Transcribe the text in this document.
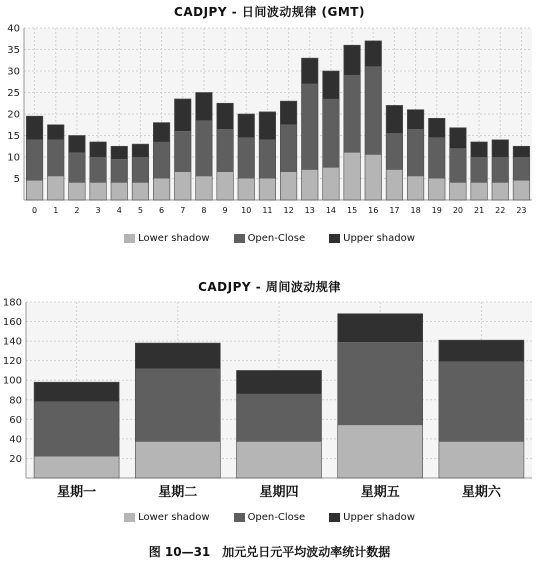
CADJPY - 日间波动规律 (GMT)
5
10
15
20
25
30
35
40
0 1 2 3 4 5 6 7 8 9 10 11 12 13 14 15 16 17 18 19 20 21 22 23
Lower shadow	Open-Close	Upper shadow
CADJPY - 周间波动规律
20
40
60
80
100
120
140
160
180
星期一	星期二	星期四	星期五	星期六
Lower shadow	Open-Close	Upper shadow
图 10—31　加元兑日元平均波动率统计数据
